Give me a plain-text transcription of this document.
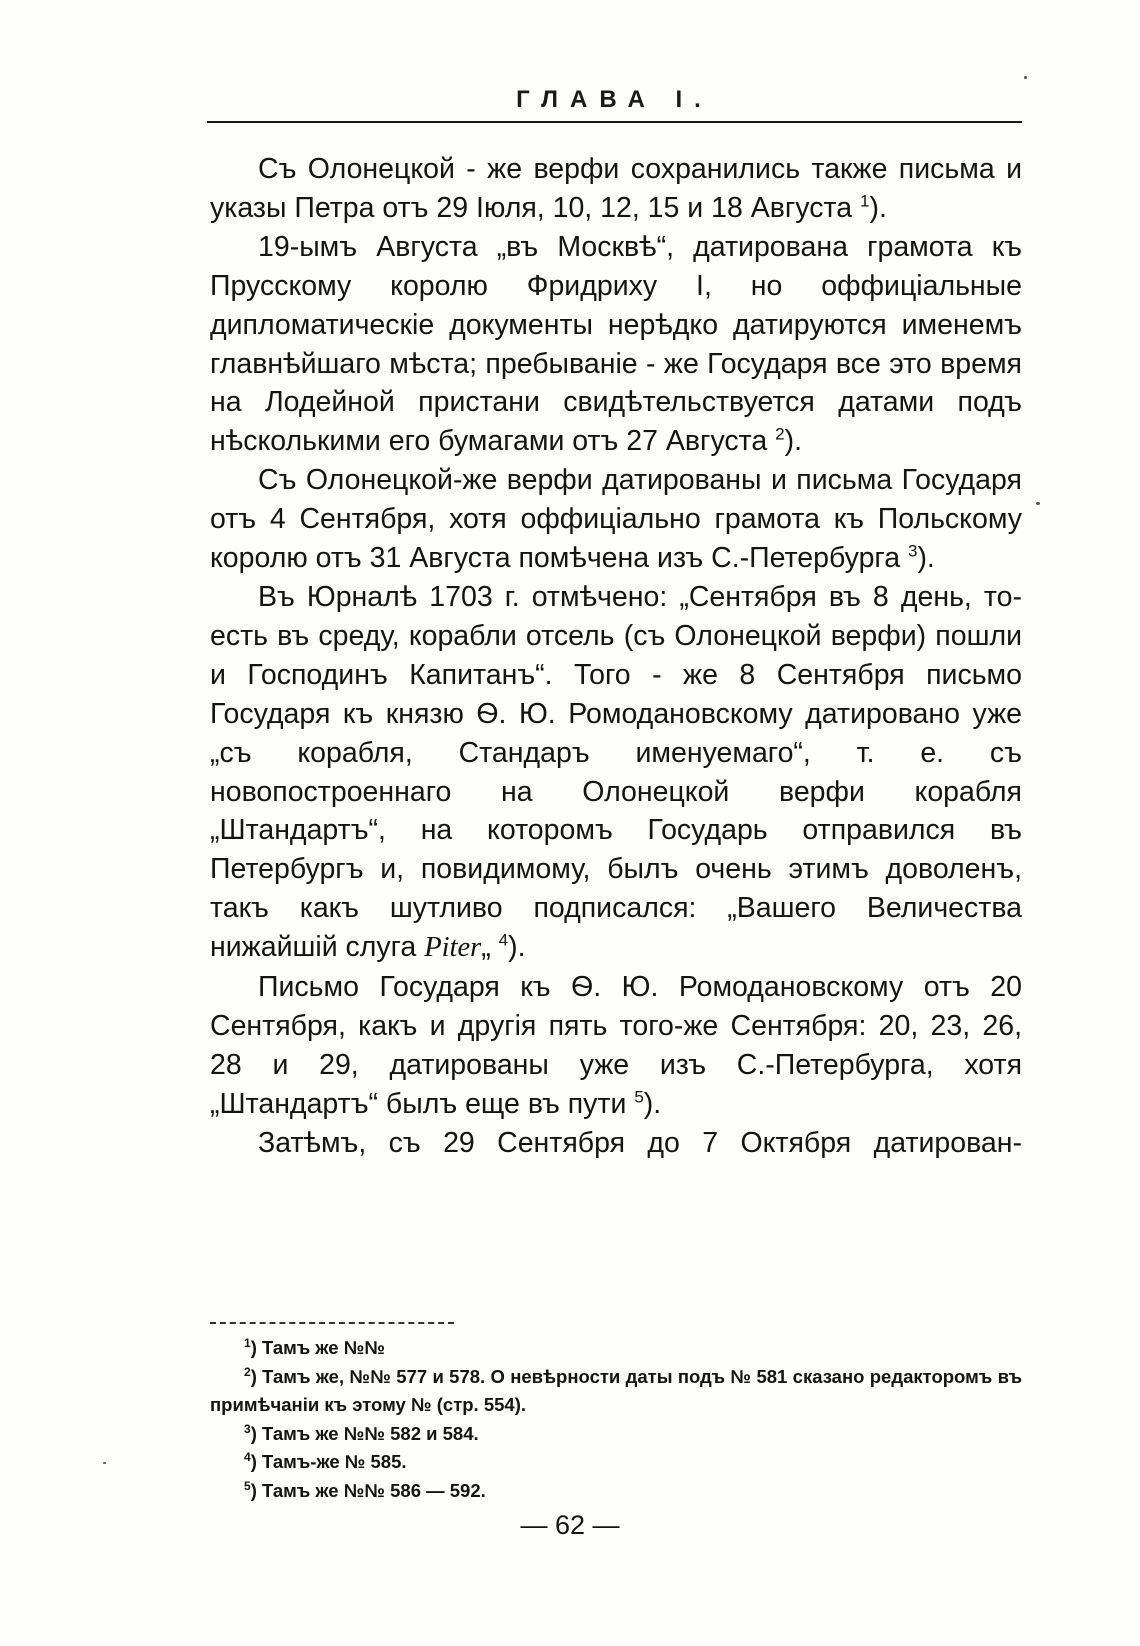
ГЛАВА I.

Съ Олонецкой - же верфи сохранились также письма и указы Петра отъ 29 Іюля, 10, 12, 15 и 18 Августа $^1$).

19-ымъ Августа „въ Москвѣ“, датирована грамота къ Прусскому королю Фридриху I, но оффиціальные дипломатическіе документы нерѣдко датируются именемъ главнѣйшаго мѣста; пребываніе - же Государя все это время на Лодейной пристани свидѣтельствуется датами подъ нѣсколькими его бумагами отъ 27 Августа $^2$).

Съ Олонецкой-же верфи датированы и письма Государя отъ 4 Сентября, хотя оффиціально грамота къ Польскому королю отъ 31 Августа помѣчена изъ С.-Петербурга $^3$).

Въ Юрналѣ 1703 г. отмѣчено: „Сентября въ 8 день, то-есть въ среду, корабли отсель (съ Олонецкой верфи) пошли и Господинъ Капитанъ“. Того - же 8 Сентября письмо Государя къ князю Ѳ. Ю. Ромодановскому датировано уже „съ корабля, Стандаръ именуемаго“, т. е. съ новопостроеннаго на Олонецкой верфи корабля „Штандартъ“, на которомъ Государь отправился въ Петербургъ и, повидимому, былъ очень этимъ доволенъ, такъ какъ шутливо подписался: „Вашего Величества нижайшій слуга Piter„ $^4$).

Письмо Государя къ Ѳ. Ю. Ромодановскому отъ 20 Сентября, какъ и другія пять того-же Сентября: 20, 23, 26, 28 и 29, датированы уже изъ С.-Петербурга, хотя „Штандартъ“ былъ еще въ пути $^5$).

Затѣмъ, съ 29 Сентября до 7 Октября датирован-

$^1$) Тамъ же №№

$^2$) Тамъ же, №№ 577 и 578. О невѣрности даты подъ № 581 сказано редакторомъ въ примѣчаніи къ этому № (стр. 554).

$^3$) Тамъ же №№ 582 и 584.

$^4$) Тамъ-же № 585.

$^5$) Тамъ же №№ 586 — 592.

— 62 —
